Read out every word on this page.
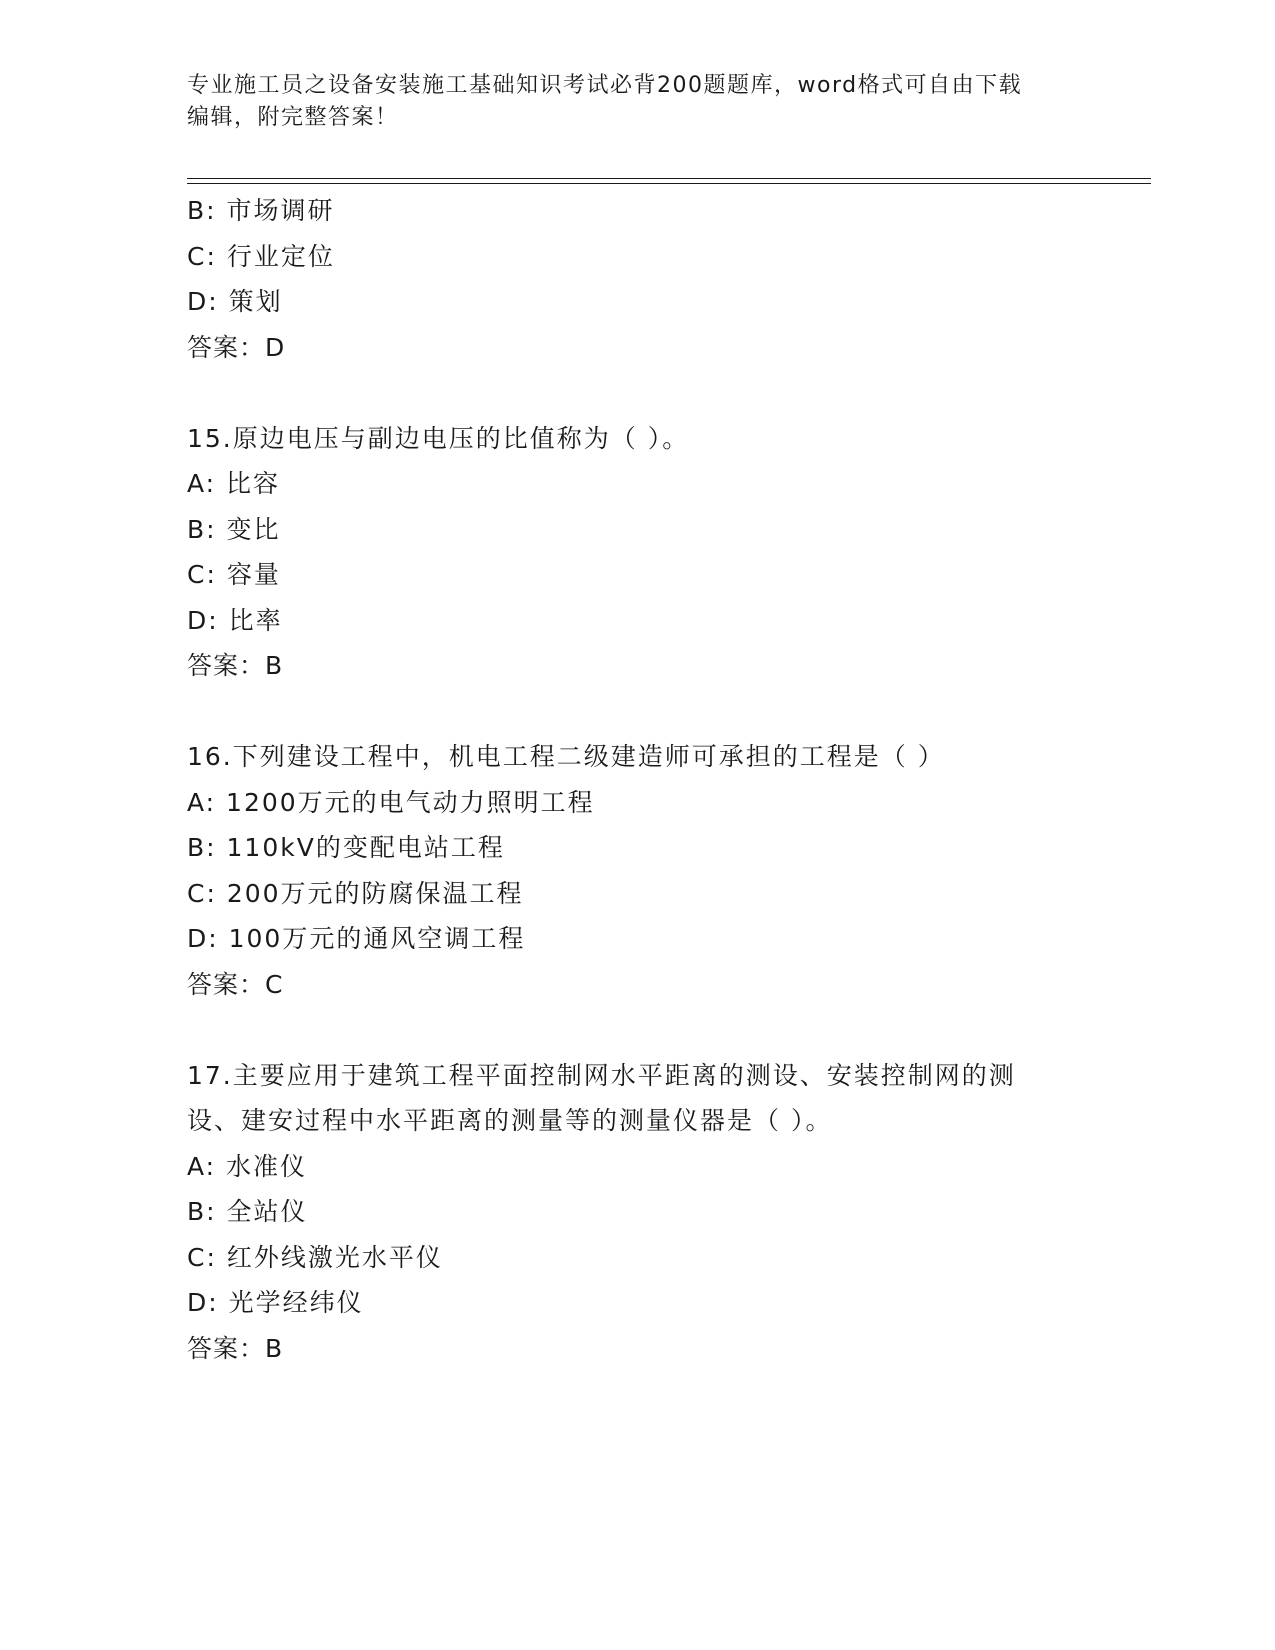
专业施工员之设备安装施工基础知识考试必背200题题库，word格式可自由下载
编辑，附完整答案！
B: 市场调研
C: 行业定位
D: 策划
答案：D
15.原边电压与副边电压的比值称为（ ）。
A: 比容
B: 变比
C: 容量
D: 比率
答案：B
16.下列建设工程中，机电工程二级建造师可承担的工程是（ ）
A: 1200万元的电气动力照明工程
B: 110kV的变配电站工程
C: 200万元的防腐保温工程
D: 100万元的通风空调工程
答案：C
17.主要应用于建筑工程平面控制网水平距离的测设、安装控制网的测
设、建安过程中水平距离的测量等的测量仪器是（ ）。
A: 水准仪
B: 全站仪
C: 红外线激光水平仪
D: 光学经纬仪
答案：B
